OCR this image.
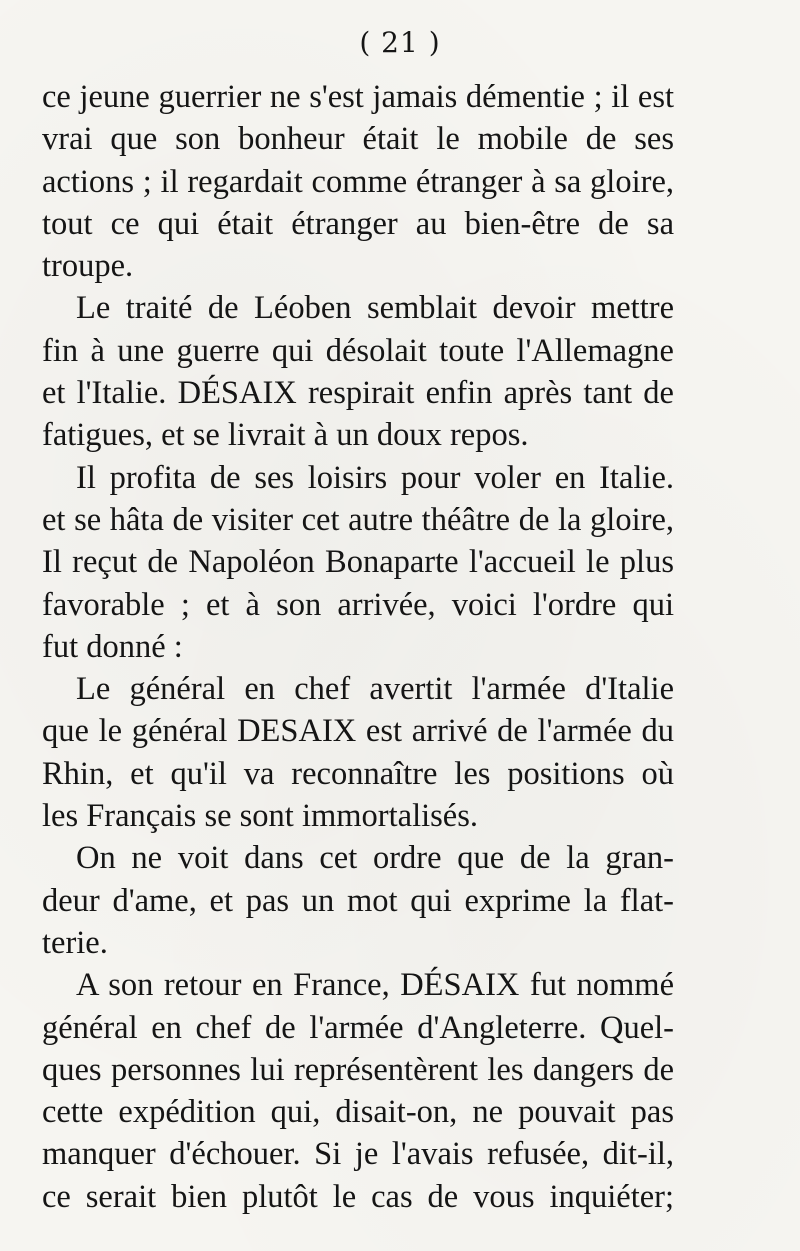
( 21 )
ce jeune guerrier ne s'est jamais démentie ; il est
vrai que son bonheur était le mobile de ses
actions ; il regardait comme étranger à sa gloire,
tout ce qui était étranger au bien-être de sa
troupe.
Le traité de Léoben semblait devoir mettre
fin à une guerre qui désolait toute l'Allemagne
et l'Italie. DÉSAIX respirait enfin après tant de
fatigues, et se livrait à un doux repos.
Il profita de ses loisirs pour voler en Italie.
et se hâta de visiter cet autre théâtre de la gloire,
Il reçut de Napoléon Bonaparte l'accueil le plus
favorable ; et à son arrivée, voici l'ordre qui
fut donné :
Le général en chef avertit l'armée d'Italie
que le général DESAIX est arrivé de l'armée du
Rhin, et qu'il va reconnaître les positions où
les Français se sont immortalisés.
On ne voit dans cet ordre que de la gran-
deur d'ame, et pas un mot qui exprime la flat-
terie.
A son retour en France, DÉSAIX fut nommé
général en chef de l'armée d'Angleterre. Quel-
ques personnes lui représentèrent les dangers de
cette expédition qui, disait-on, ne pouvait pas
manquer d'échouer. Si je l'avais refusée, dit-il,
ce serait bien plutôt le cas de vous inquiéter;
